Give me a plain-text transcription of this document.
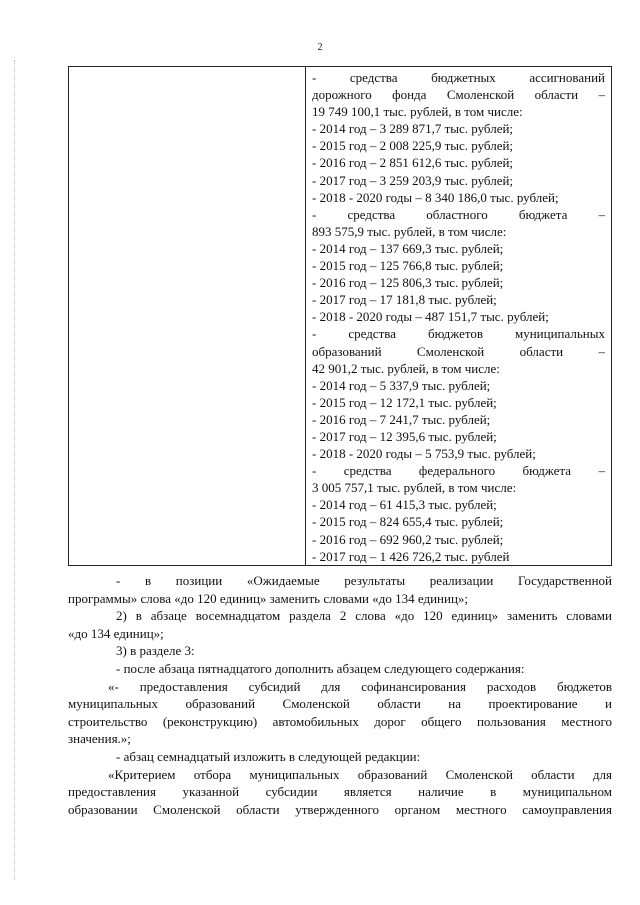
2

- средства бюджетных ассигнований
дорожного фонда Смоленской области –
19 749 100,1 тыс. рублей, в том числе:
- 2014 год – 3 289 871,7 тыс. рублей;
- 2015 год – 2 008 225,9 тыс. рублей;
- 2016 год – 2 851 612,6 тыс. рублей;
- 2017 год – 3 259 203,9 тыс. рублей;
- 2018 - 2020 годы – 8 340 186,0 тыс. рублей;
- средства областного бюджета –
893 575,9 тыс. рублей, в том числе:
- 2014 год – 137 669,3 тыс. рублей;
- 2015 год – 125 766,8 тыс. рублей;
- 2016 год – 125 806,3 тыс. рублей;
- 2017 год – 17 181,8 тыс. рублей;
- 2018 - 2020 годы – 487 151,7 тыс. рублей;
- средства бюджетов муниципальных
образований Смоленской области –
42 901,2 тыс. рублей, в том числе:
- 2014 год – 5 337,9 тыс. рублей;
- 2015 год – 12 172,1 тыс. рублей;
- 2016 год – 7 241,7 тыс. рублей;
- 2017 год – 12 395,6 тыс. рублей;
- 2018 - 2020 годы – 5 753,9 тыс. рублей;
- средства федерального бюджета –
3 005 757,1 тыс. рублей, в том числе:
- 2014 год – 61 415,3 тыс. рублей;
- 2015 год – 824 655,4 тыс. рублей;
- 2016 год – 692 960,2 тыс. рублей;
- 2017 год – 1 426 726,2 тыс. рублей
- в позиции «Ожидаемые результаты реализации Государственной
программы» слова «до 120 единиц» заменить словами «до 134 единиц»;
2) в абзаце восемнадцатом раздела 2 слова «до 120 единиц» заменить словами
«до 134 единиц»;
3) в разделе 3:
- после абзаца пятнадцатого дополнить абзацем следующего содержания:
«- предоставления субсидий для софинансирования расходов бюджетов
муниципальных образований Смоленской области на проектирование и
строительство (реконструкцию) автомобильных дорог общего пользования местного
значения.»;
- абзац семнадцатый изложить в следующей редакции:
«Критерием отбора муниципальных образований Смоленской области для
предоставления указанной субсидии является наличие в муниципальном
образовании Смоленской области утвержденного органом местного самоуправления
